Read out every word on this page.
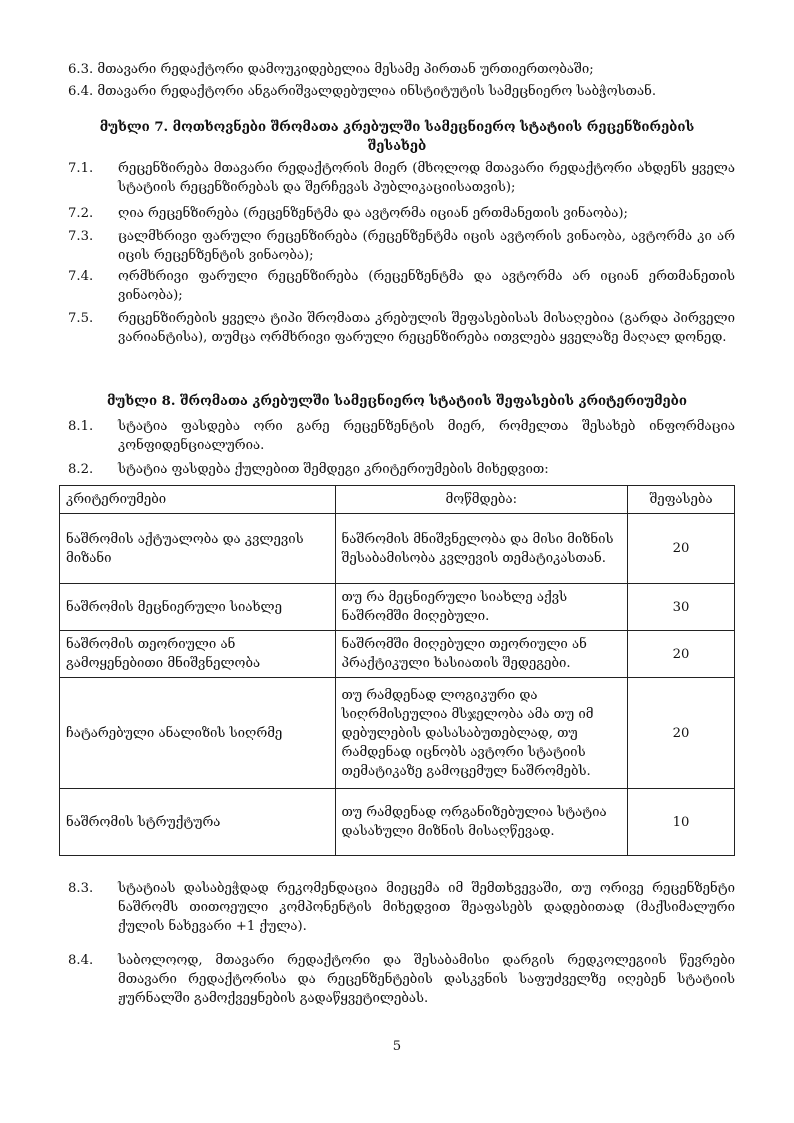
6.3. მთავარი რედაქტორი დამოუკიდებელია მესამე პირთან ურთიერთობაში;
6.4. მთავარი რედაქტორი ანგარიშვალდებულია ინსტიტუტის სამეცნიერო საბჭოსთან.
მუხლი 7. მოთხოვნები შრომათა კრებულში სამეცნიერო სტატიის რეცენზირების
შესახებ
7.1. რეცენზირება მთავარი რედაქტორის მიერ (მხოლოდ მთავარი რედაქტორი ახდენს ყველა სტატიის რეცენზირებას და შერჩევას პუბლიკაციისათვის);
7.2. ღია რეცენზირება (რეცენზენტმა და ავტორმა იციან ერთმანეთის ვინაობა);
7.3. ცალმხრივი ფარული რეცენზირება (რეცენზენტმა იცის ავტორის ვინაობა, ავტორმა კი არ იცის რეცენზენტის ვინაობა);
7.4. ორმხრივი ფარული რეცენზირება (რეცენზენტმა და ავტორმა არ იციან ერთმანეთის ვინაობა);
7.5. რეცენზირების ყველა ტიპი შრომათა კრებულის შეფასებისას მისაღებია (გარდა პირველი ვარიანტისა), თუმცა ორმხრივი ფარული რეცენზირება ითვლება ყველაზე მაღალ დონედ.
მუხლი 8. შრომათა კრებულში სამეცნიერო სტატიის შეფასების კრიტერიუმები
8.1. სტატია ფასდება ორი გარე რეცენზენტის მიერ, რომელთა შესახებ ინფორმაცია კონფიდენციალურია.
8.2. სტატია ფასდება ქულებით შემდეგი კრიტერიუმების მიხედვით:
კრიტერიუმები	მოწმდება:	შეფასება
ნაშრომის აქტუალობა და კვლევის მიზანი	ნაშრომის მნიშვნელობა და მისი მიზნის შესაბამისობა კვლევის თემატიკასთან.	20
ნაშრომის მეცნიერული სიახლე	თუ რა მეცნიერული სიახლე აქვს ნაშრომში მიღებული.	30
ნაშრომის თეორიული ან გამოყენებითი მნიშვნელობა	ნაშრომში მიღებული თეორიული ან პრაქტიკული ხასიათის შედეგები.	20
ჩატარებული ანალიზის სიღრმე	თუ რამდენად ლოგიკური და სიღრმისეულია მსჯელობა ამა თუ იმ დებულების დასასაბუთებლად, თუ რამდენად იცნობს ავტორი სტატიის თემატიკაზე გამოცემულ ნაშრომებს.	20
ნაშრომის სტრუქტურა	თუ რამდენად ორგანიზებულია სტატია დასახული მიზნის მისაღწევად.	10
8.3. სტატიას დასაბეჭდად რეკომენდაცია მიეცემა იმ შემთხვევაში, თუ ორივე რეცენზენტი ნაშრომს თითოეული კომპონენტის მიხედვით შეაფასებს დადებითად (მაქსიმალური ქულის ნახევარი +1 ქულა).
8.4. საბოლოოდ, მთავარი რედაქტორი და შესაბამისი დარგის რედკოლეგიის წევრები მთავარი რედაქტორისა და რეცენზენტების დასკვნის საფუძველზე იღებენ სტატიის ჟურნალში გამოქვეყნების გადაწყვეტილებას.
5
